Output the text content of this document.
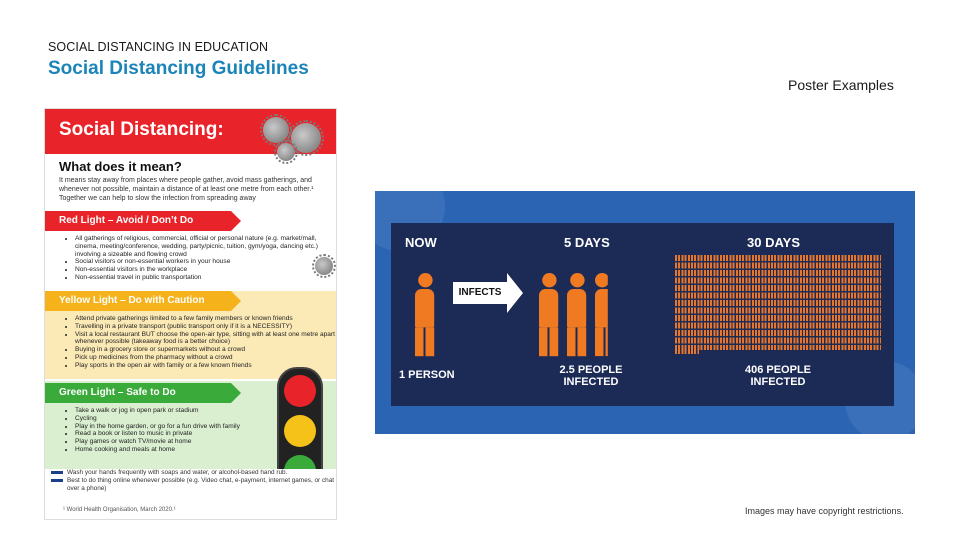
SOCIAL DISTANCING IN EDUCATION
Social Distancing Guidelines
Poster Examples
Social Distancing:
What does it mean?
It means stay away from places where people gather, avoid mass gatherings, and whenever not possible, maintain a distance of at least one metre from each other.¹ Together we can help to slow the infection from spreading away
Red Light – Avoid / Don’t Do
• All gatherings of religious, commercial, official or personal nature (e.g. market/mall, cinema, meeting/conference, wedding, party/picnic, tuition, gym/yoga, dancing etc.) involving a sizeable and flowing crowd
• Social visitors or non-essential workers in your house
• Non-essential visitors in the workplace
• Non-essential travel in public transportation
Yellow Light – Do with Caution
• Attend private gatherings limited to a few family members or known friends
• Travelling in a private transport (public transport only if it is a NECESSITY)
• Visit a local restaurant BUT choose the open-air type, sitting with at least one metre apart whenever possible (takeaway food is a better choice)
• Buying in a grocery store or supermarkets without a crowd
• Pick up medicines from the pharmacy without a crowd
• Play sports in the open air with family or a few known friends
Green Light – Safe to Do
• Take a walk or jog in open park or stadium
• Cycling
• Play in the home garden, or go for a fun drive with family
• Read a book or listen to music in private
• Play games or watch TV/movie at home
• Home cooking and meals at home
Wash your hands frequently with soaps and water, or alcohol-based hand rub.
Best to do thing online whenever possible (e.g. Video chat, e-payment, internet games, or chat over a phone)
¹ World Health Organisation, March 2020.¹
NOW	5 DAYS	30 DAYS
INFECTS
1 PERSON	2.5 PEOPLE INFECTED
406 PEOPLE INFECTED
Images may have copyright restrictions.
